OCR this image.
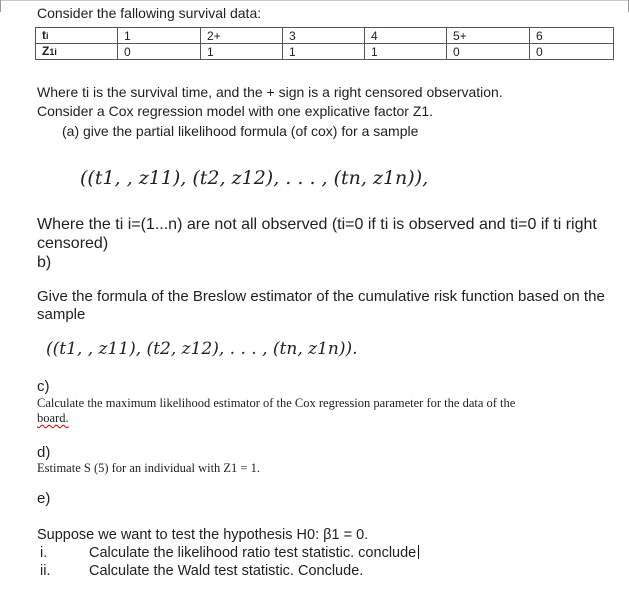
Consider the fallowing survival data:
ti	1	2+	3	4	5+	6
Z1i	0	1	1	1	0	0
Where ti is the survival time, and the + sign is a right censored observation.
Consider a Cox regression model with one explicative factor Z1.
(a) give the partial likelihood formula (of cox) for a sample
((t1, , z11), (t2, z12), . . . , (tn, z1n)),
Where the ti i=(1...n) are not all observed (ti=0 if ti is observed and ti=0 if ti right
censored)
b)
Give the formula of the Breslow estimator of the cumulative risk function based on the
sample
((t1, , z11), (t2, z12), . . . , (tn, z1n)).
c)
Calculate the maximum likelihood estimator of the Cox regression parameter for the data of the
board.
d)
Estimate S (5) for an individual with Z1 = 1.
e)
Suppose we want to test the hypothesis H0: β1 = 0.
i.	Calculate the likelihood ratio test statistic. conclude
ii.	Calculate the Wald test statistic. Conclude.
